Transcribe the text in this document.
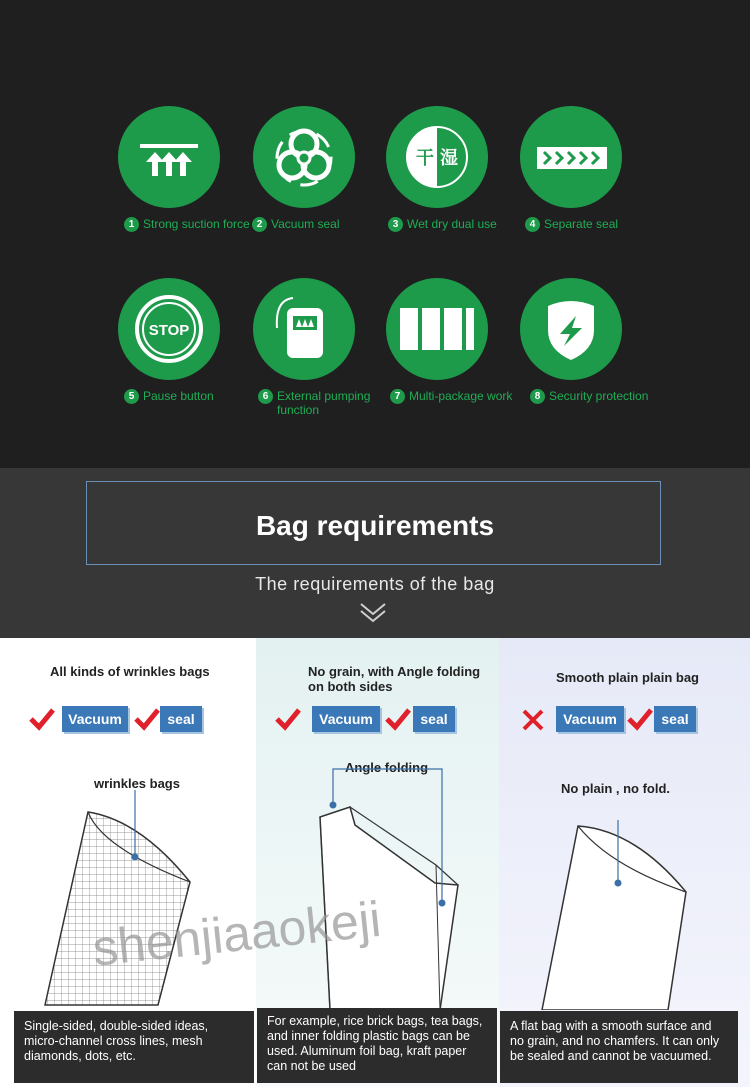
干 湿
1 Strong suction force 2 Vacuum seal	3 Wet dry dual use	4 Separate seal
STOP
5 Pause button	6 External pumping
function
7 Multi-package work	8 Security protection
Bag requirements
The requirements of the bag
All kinds of wrinkles bags	No grain, with Angle folding on both sides
Smooth plain plain bag
Vacuum	seal	Vacuum	seal	Vacuum	seal
wrinkles bags
Angle folding
No plain , no fold.
shenjiaaokeji
Single-sided, double-sided ideas, micro-channel cross lines, mesh diamonds, dots, etc.
For example, rice brick bags, tea bags, and inner folding plastic bags can be used. Aluminum foil bag, kraft paper can not be used
A flat bag with a smooth surface and no grain, and no chamfers. It can only be sealed and cannot be vacuumed.
